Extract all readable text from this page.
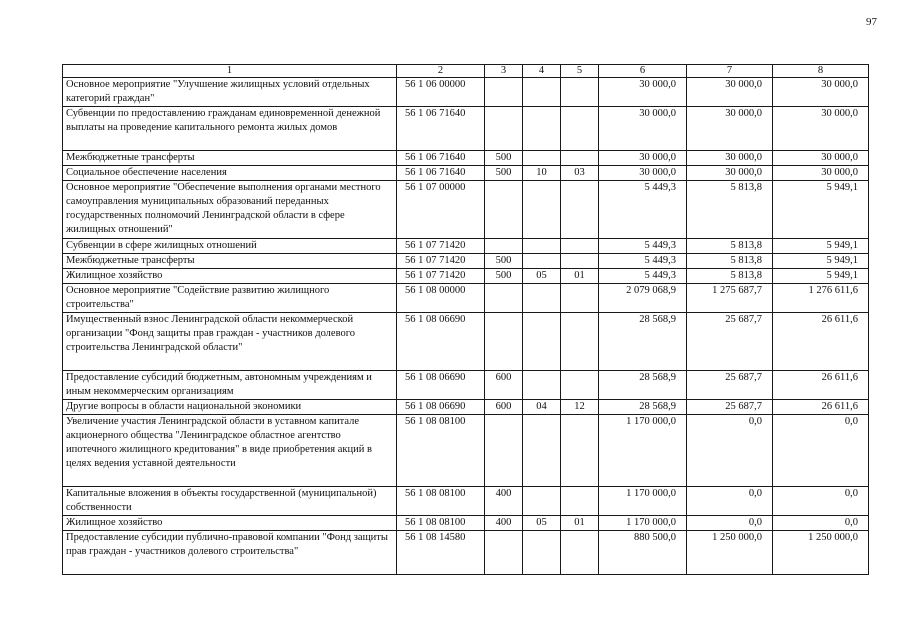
97
1	2	3	4	5	6	7	8
Основное мероприятие "Улучшение жилищных условий отдельных категорий граждан"	56 1 06 00000				30 000,0	30 000,0	30 000,0
Субвенции по предоставлению гражданам единовременной денежной выплаты на проведение капитального ремонта жилых домов	56 1 06 71640				30 000,0	30 000,0	30 000,0
Межбюджетные трансферты	56 1 06 71640	500			30 000,0	30 000,0	30 000,0
Социальное обеспечение населения	56 1 06 71640	500	10	03	30 000,0	30 000,0	30 000,0
Основное мероприятие "Обеспечение выполнения органами местного самоуправления муниципальных образований переданных государственных полномочий Ленинградской области в сфере жилищных отношений"	56 1 07 00000				5 449,3	5 813,8	5 949,1
Субвенции в сфере жилищных отношений	56 1 07 71420				5 449,3	5 813,8	5 949,1
Межбюджетные трансферты	56 1 07 71420	500			5 449,3	5 813,8	5 949,1
Жилищное хозяйство	56 1 07 71420	500	05	01	5 449,3	5 813,8	5 949,1
Основное мероприятие "Содействие развитию жилищного строительства"	56 1 08 00000				2 079 068,9	1 275 687,7	1 276 611,6
Имущественный взнос Ленинградской области некоммерческой организации "Фонд защиты прав граждан - участников долевого строительства Ленинградской области"	56 1 08 06690				28 568,9	25 687,7	26 611,6
Предоставление субсидий бюджетным, автономным учреждениям и иным некоммерческим организациям	56 1 08 06690	600			28 568,9	25 687,7	26 611,6
Другие вопросы в области национальной экономики	56 1 08 06690	600	04	12	28 568,9	25 687,7	26 611,6
Увеличение участия Ленинградской области в уставном капитале акционерного общества "Ленинградское областное агентство ипотечного жилищного кредитования" в виде приобретения акций в целях ведения уставной деятельности	56 1 08 08100				1 170 000,0	0,0	0,0
Капитальные вложения в объекты государственной (муниципальной) собственности	56 1 08 08100	400			1 170 000,0	0,0	0,0
Жилищное хозяйство	56 1 08 08100	400	05	01	1 170 000,0	0,0	0,0
Предоставление субсидии публично-правовой компании "Фонд защиты прав граждан - участников долевого строительства"	56 1 08 14580				880 500,0	1 250 000,0	1 250 000,0
